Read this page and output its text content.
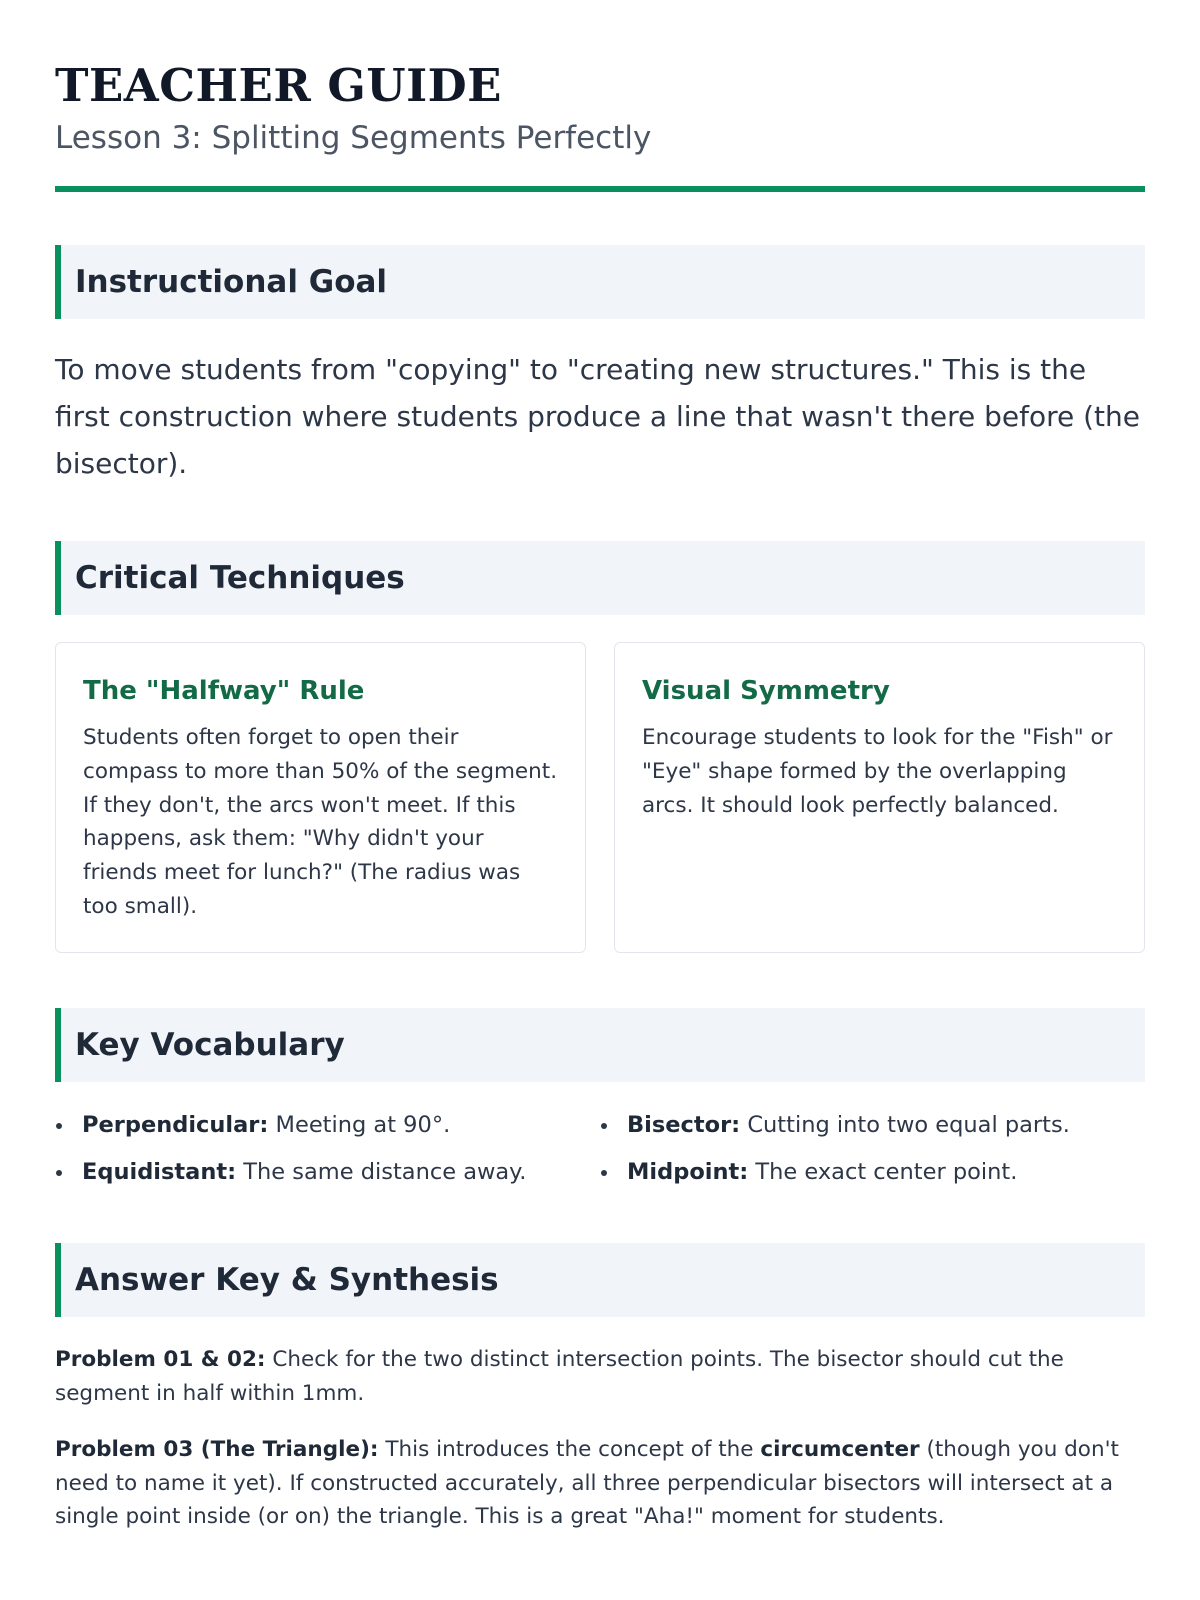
TEACHER GUIDE
Lesson 3: Splitting Segments Perfectly
Instructional Goal

To move students from "copying" to "creating new structures." This is the first construction where students produce a line that wasn't there before (the bisector).

Critical Techniques
The "Halfway" Rule

Students often forget to open their compass to more than 50% of the segment. If they don't, the arcs won't meet. If this happens, ask them: "Why didn't your friends meet for lunch?" (The radius was too small).

Visual Symmetry

Encourage students to look for the "Fish" or "Eye" shape formed by the overlapping arcs. It should look perfectly balanced.

Key Vocabulary
Perpendicular: Meeting at 90°.	Bisector: Cutting into two equal parts.
Equidistant: The same distance away.	Midpoint: The exact center point.
Answer Key & Synthesis

Problem 01 & 02: Check for the two distinct intersection points. The bisector should cut the segment in half within 1mm.

Problem 03 (The Triangle): This introduces the concept of the circumcenter (though you don't need to name it yet). If constructed accurately, all three perpendicular bisectors will intersect at a single point inside (or on) the triangle. This is a great "Aha!" moment for students.
